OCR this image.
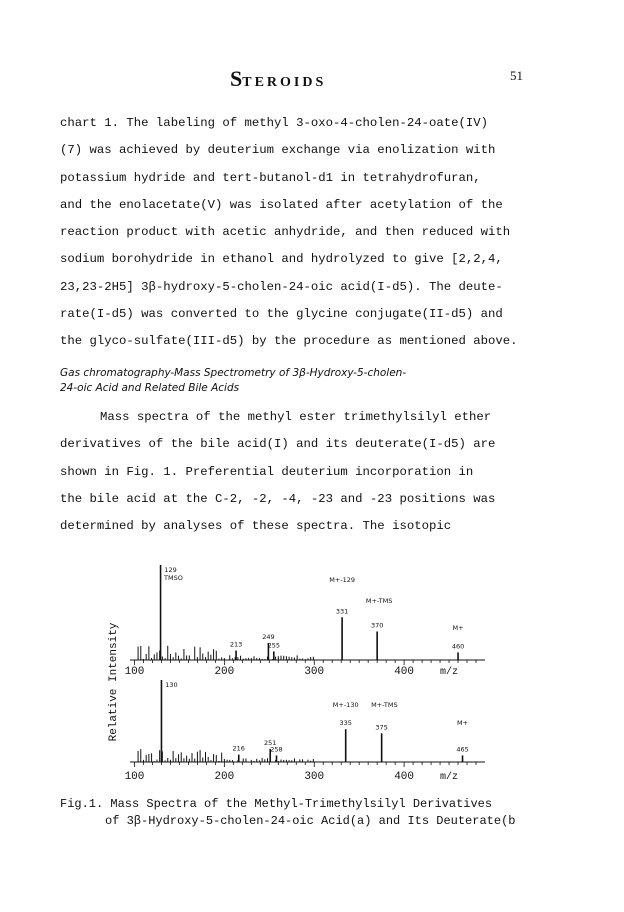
STEROIDS	51
chart 1. The labeling of methyl 3-oxo-4-cholen-24-oate(IV)
(7) was achieved by deuterium exchange via enolization with
potassium hydride and tert-butanol-d1 in tetrahydrofuran,
and the enolacetate(V) was isolated after acetylation of the
reaction product with acetic anhydride, and then reduced with
sodium borohydride in ethanol and hydrolyzed to give [2,2,4,
23,23-2H5] 3β-hydroxy-5-cholen-24-oic acid(I-d5). The deute-
rate(I-d5) was converted to the glycine conjugate(II-d5) and
the glyco-sulfate(III-d5) by the procedure as mentioned above.
Gas chromatography-Mass Spectrometry of 3β-Hydroxy-5-cholen-
24-oic Acid and Related Bile Acids
Mass spectra of the methyl ester trimethylsilyl ether
derivatives of the bile acid(I) and its deuterate(I-d5) are
shown in Fig. 1. Preferential deuterium incorporation in
the bile acid at the C-2, -2, -4, -23 and -23 positions was
determined by analyses of these spectra. The isotopic
Relative Intensity
129
213
249
255
331
370
460
130
216
251
258
335
375
465
TMSO	M+-129
M+-TMS
M+
M+-130 M+-TMS
M+
100
100
200
200
300
300
400
400
m/z
m/z
Fig.1. Mass Spectra of the Methyl-Trimethylsilyl Derivatives
of 3β-Hydroxy-5-cholen-24-oic Acid(a) and Its Deuterate(b
